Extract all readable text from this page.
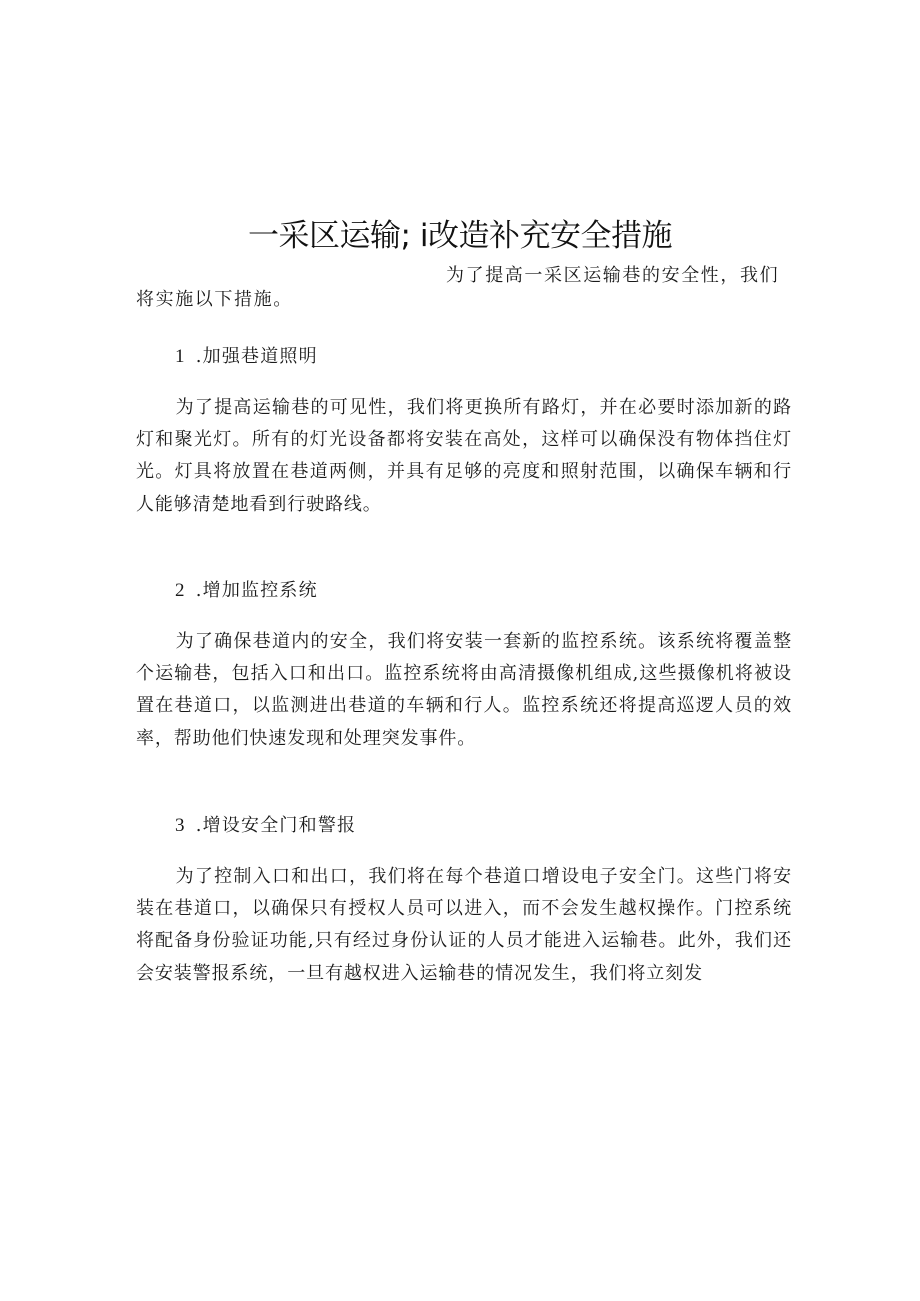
一采区运输; i改造补充安全措施
为了提高一采区运输巷的安全性，我们
将实施以下措施。
1 .加强巷道照明

为了提高运输巷的可见性，我们将更换所有路灯，并在必要时添加新的路灯和聚光灯。所有的灯光设备都将安装在高处，这样可以确保没有物体挡住灯光。灯具将放置在巷道两侧，并具有足够的亮度和照射范围，以确保车辆和行人能够清楚地看到行驶路线。

2 .增加监控系统

为了确保巷道内的安全，我们将安装一套新的监控系统。该系统将覆盖整个运输巷，包括入口和出口。监控系统将由高清摄像机组成,这些摄像机将被设置在巷道口，以监测进出巷道的车辆和行人。监控系统还将提高巡逻人员的效率，帮助他们快速发现和处理突发事件。

3 .增设安全门和警报

为了控制入口和出口，我们将在每个巷道口增设电子安全门。这些门将安装在巷道口，以确保只有授权人员可以进入，而不会发生越权操作。门控系统将配备身份验证功能,只有经过身份认证的人员才能进入运输巷。此外，我们还会安装警报系统，一旦有越权进入运输巷的情况发生，我们将立刻发
